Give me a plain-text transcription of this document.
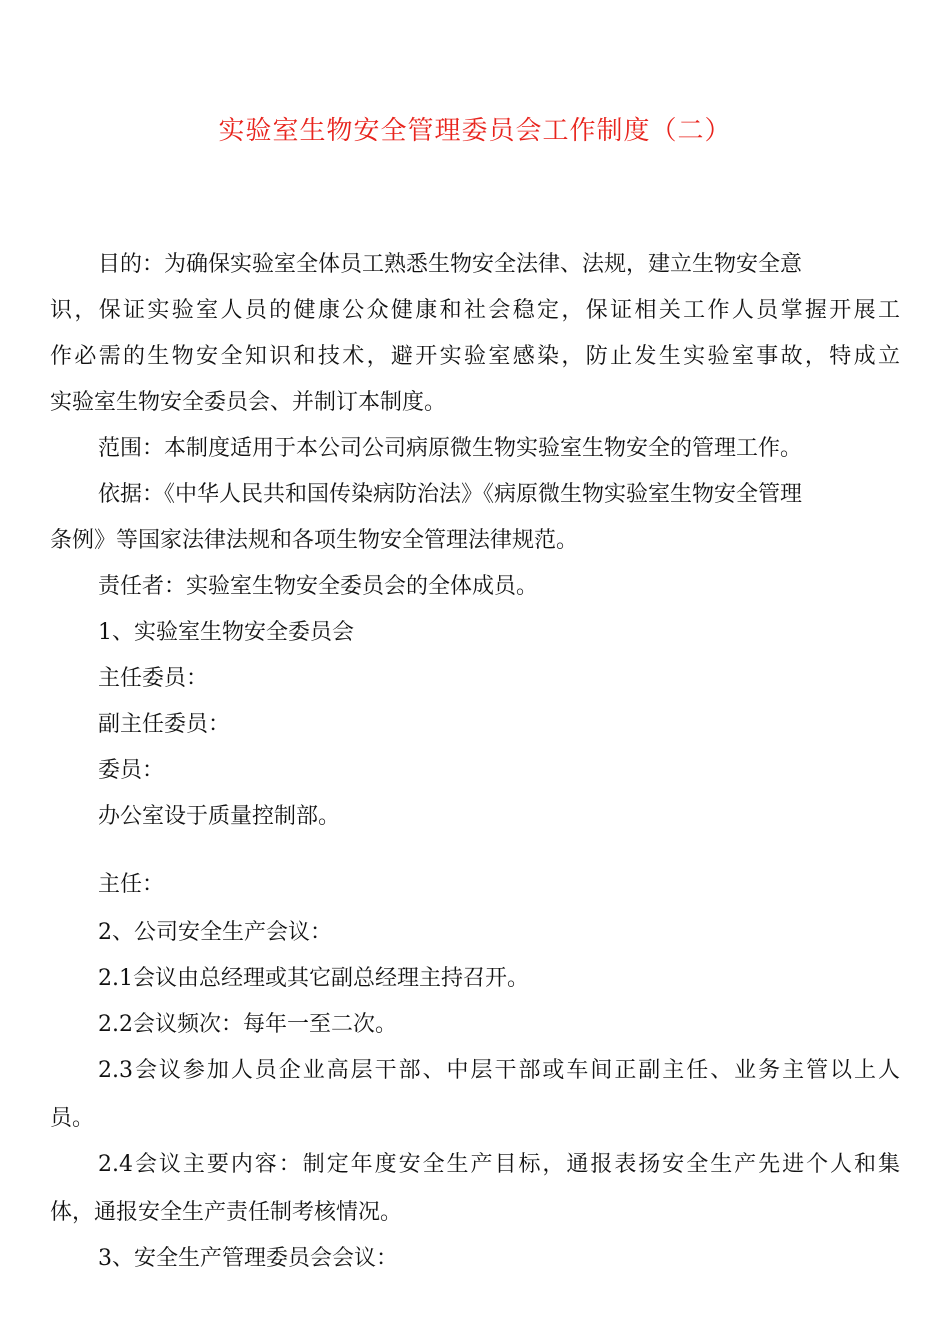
实验室生物安全管理委员会工作制度（二）
目的：为确保实验室全体员工熟悉生物安全法律、法规，建立生物安全意
识，保证实验室人员的健康公众健康和社会稳定，保证相关工作人员掌握开展工
作必需的生物安全知识和技术，避开实验室感染，防止发生实验室事故，特成立
实验室生物安全委员会、并制订本制度。
范围：本制度适用于本公司公司病原微生物实验室生物安全的管理工作。
依据：《中华人民共和国传染病防治法》《病原微生物实验室生物安全管理
条例》等国家法律法规和各项生物安全管理法律规范。
责任者：实验室生物安全委员会的全体成员。
1、实验室生物安全委员会
主任委员：
副主任委员：
委员：
办公室设于质量控制部。
主任：
2、公司安全生产会议：
2.1会议由总经理或其它副总经理主持召开。
2.2会议频次：每年一至二次。
2.3会议参加人员企业高层干部、中层干部或车间正副主任、业务主管以上人
员。
2.4会议主要内容：制定年度安全生产目标，通报表扬安全生产先进个人和集
体，通报安全生产责任制考核情况。
3、安全生产管理委员会会议：
